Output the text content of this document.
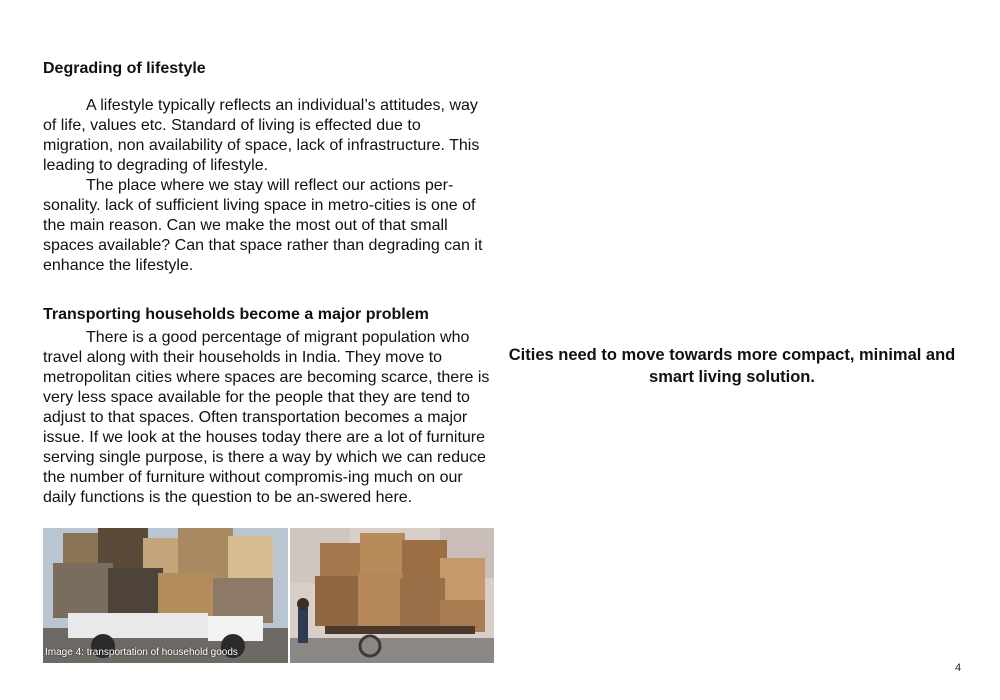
Degrading of lifestyle

A lifestyle typically reflects an individual’s attitudes, way of life, values etc. Standard of living is effected due to migration, non availability of space, lack of infrastructure. This leading to degrading of lifestyle.

The place where we stay will reflect our actions per-sonality. lack of sufficient living space in metro-cities is one of the main reason. Can we make the most out of that small spaces available? Can that space rather than degrading can it enhance the lifestyle.

Transporting households become a major problem

There is a good percentage of migrant population who travel along with their households in India. They move to metropolitan cities where spaces are becoming scarce, there is very less space available for the people that they are tend to adjust to that spaces. Often transportation becomes a major issue. If we look at the houses today there are a lot of furniture serving single purpose, is there a way by which we can reduce the number of furniture without compromis-ing much on our daily functions is the question to be an-swered here.

Image 4: transportation of household goods
Cities need to move towards more compact, minimal and smart living solution.
4
